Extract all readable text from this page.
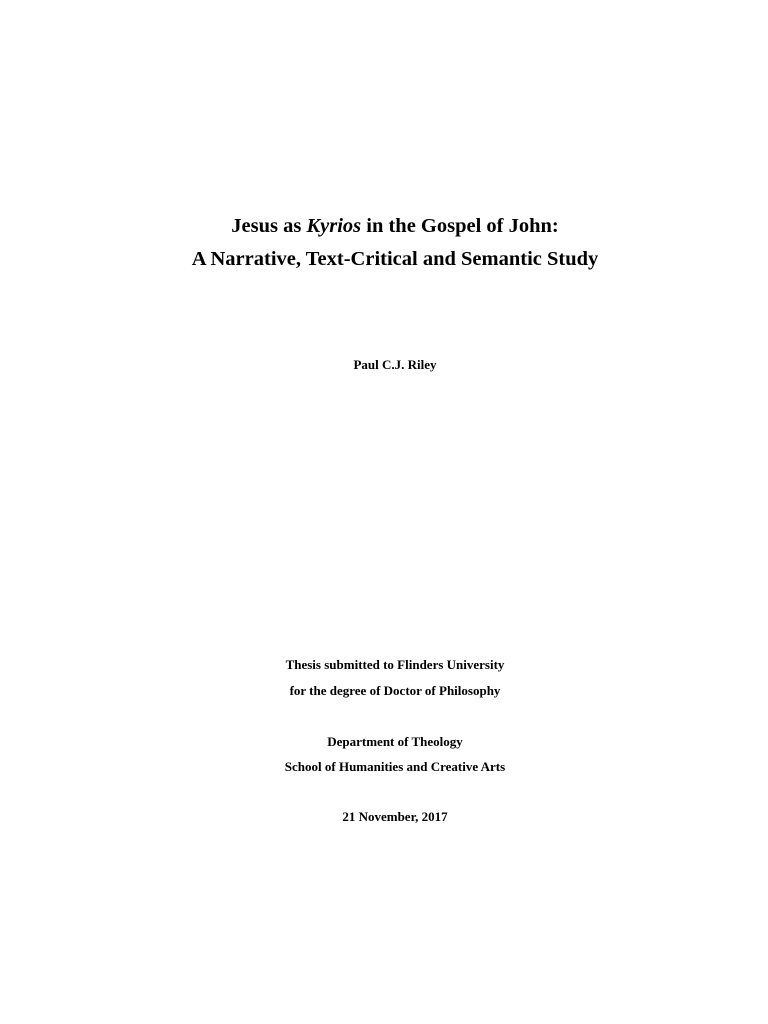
Jesus as Kyrios in the Gospel of John:
A Narrative, Text-Critical and Semantic Study
Paul C.J. Riley
Thesis submitted to Flinders University
for the degree of Doctor of Philosophy
Department of Theology
School of Humanities and Creative Arts
21 November, 2017
